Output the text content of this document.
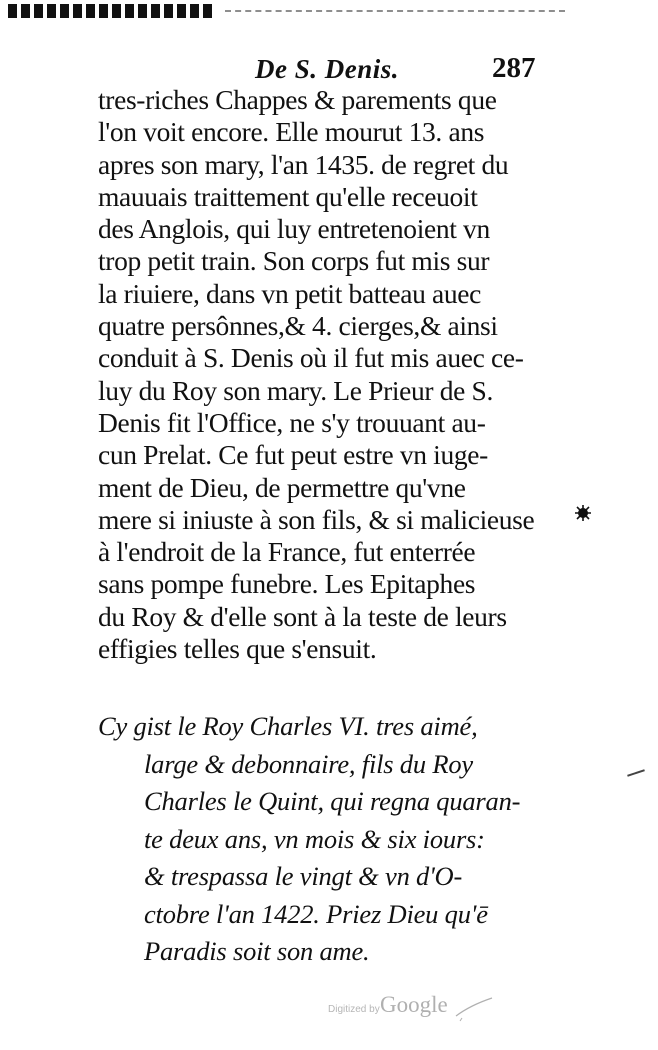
De S. Denis.	287
tres-riches Chappes & parements que
l'on voit encore. Elle mourut 13. ans
apres son mary, l'an 1435. de regret du
mauuais traittement qu'elle receuoit
des Anglois, qui luy entretenoient vn
trop petit train. Son corps fut mis sur
la riuiere, dans vn petit batteau auec
quatre persônnes,& 4. cierges,& ainsi
conduit à S. Denis où il fut mis auec ce-
luy du Roy son mary. Le Prieur de S.
Denis fit l'Office, ne s'y trouuant au-
cun Prelat. Ce fut peut estre vn iuge-
ment de Dieu, de permettre qu'vne
mere si iniuste à son fils, & si malicieuse
à l'endroit de la France, fut enterrée
sans pompe funebre. Les Epitaphes
du Roy & d'elle sont à la teste de leurs
effigies telles que s'ensuit.
Cy gist le Roy Charles VI. tres aimé,
large & debonnaire, fils du Roy
Charles le Quint, qui regna quaran-
te deux ans, vn mois & six iours:
& trespassa le vingt & vn d'O-
ctobre l'an 1422. Priez Dieu qu'ē
Paradis soit son ame.
Digitized by Google
